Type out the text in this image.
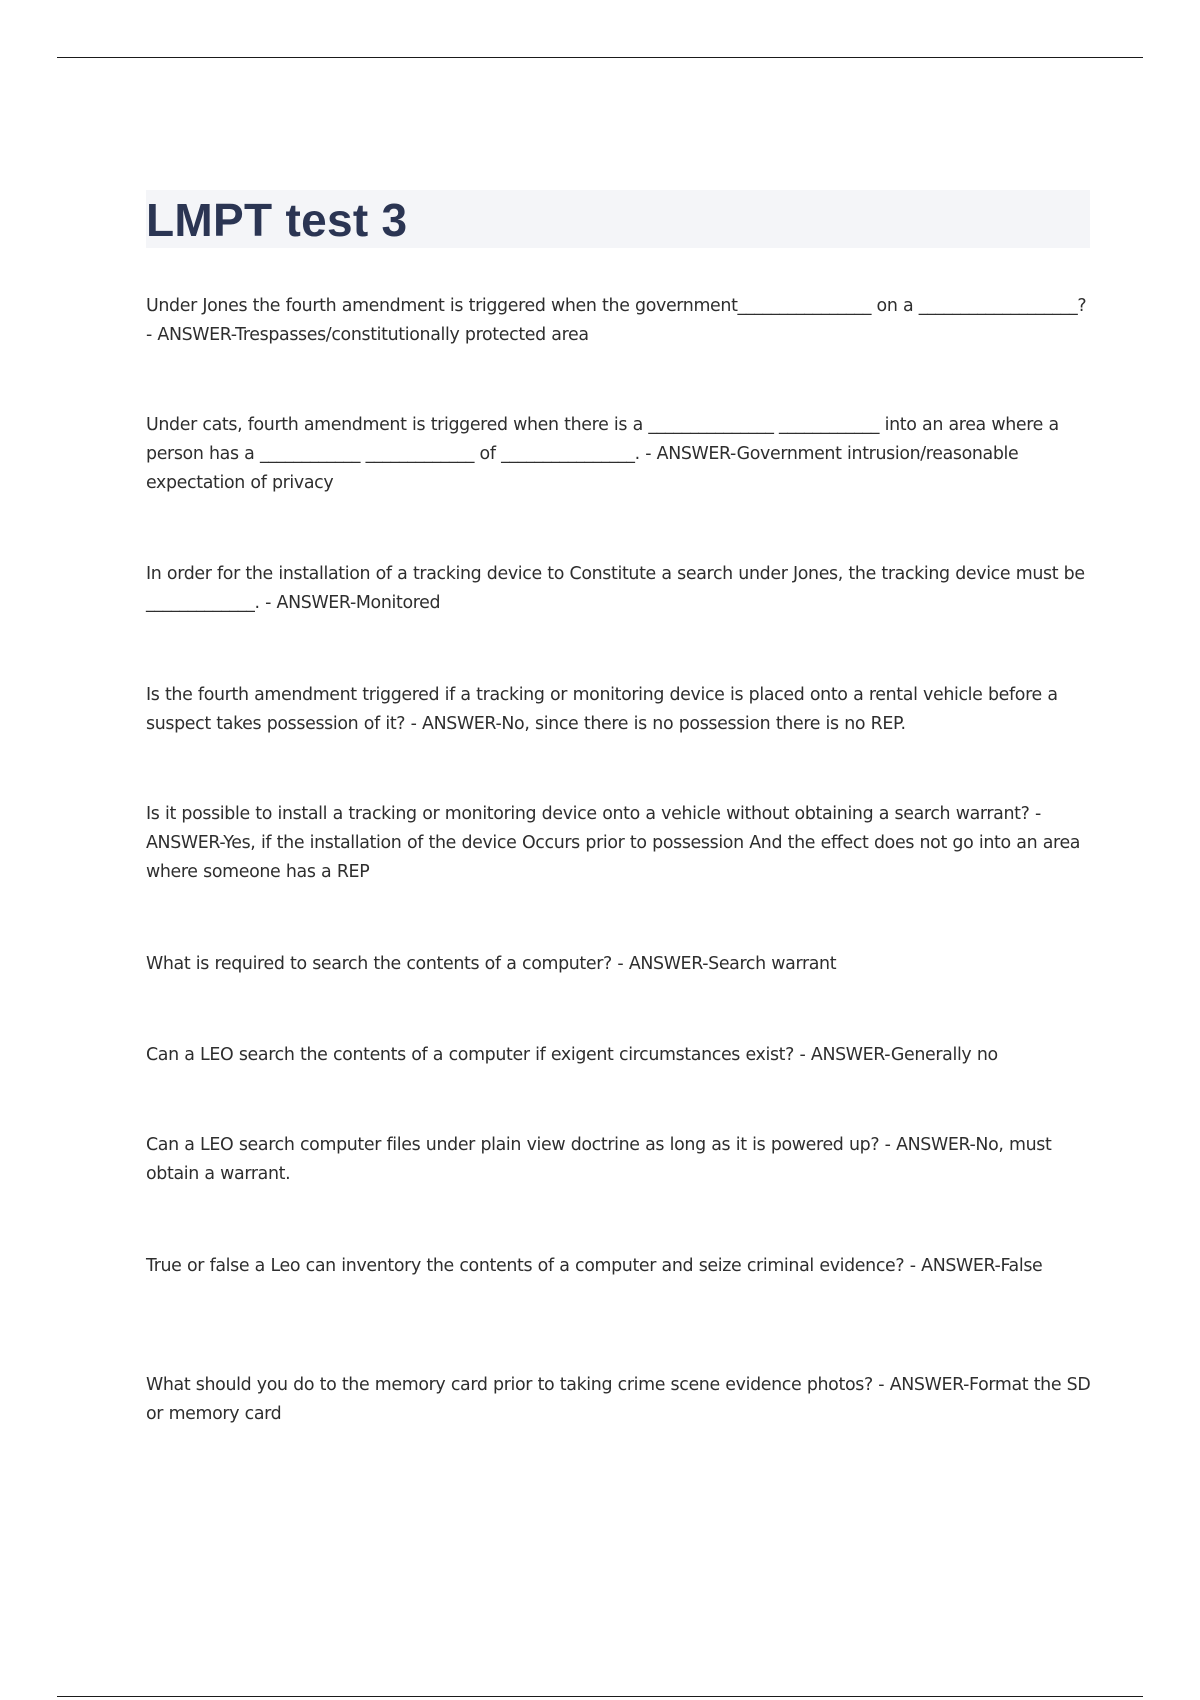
LMPT test 3

Under Jones the fourth amendment is triggered when the government________________ on a ___________________? - ANSWER-Trespasses/constitutionally protected area

Under cats, fourth amendment is triggered when there is a _______________ ____________ into an area where a person has a ____________ _____________ of ________________. - ANSWER-Government intrusion/reasonable expectation of privacy

In order for the installation of a tracking device to Constitute a search under Jones, the tracking device must be _____________. - ANSWER-Monitored

Is the fourth amendment triggered if a tracking or monitoring device is placed onto a rental vehicle before a suspect takes possession of it? - ANSWER-No, since there is no possession there is no REP.

Is it possible to install a tracking or monitoring device onto a vehicle without obtaining a search warrant? - ANSWER-Yes, if the installation of the device Occurs prior to possession And the effect does not go into an area where someone has a REP

What is required to search the contents of a computer? - ANSWER-Search warrant

Can a LEO search the contents of a computer if exigent circumstances exist? - ANSWER-Generally no

Can a LEO search computer files under plain view doctrine as long as it is powered up? - ANSWER-No, must obtain a warrant.

True or false a Leo can inventory the contents of a computer and seize criminal evidence? - ANSWER-False

What should you do to the memory card prior to taking crime scene evidence photos? - ANSWER-Format the SD or memory card
